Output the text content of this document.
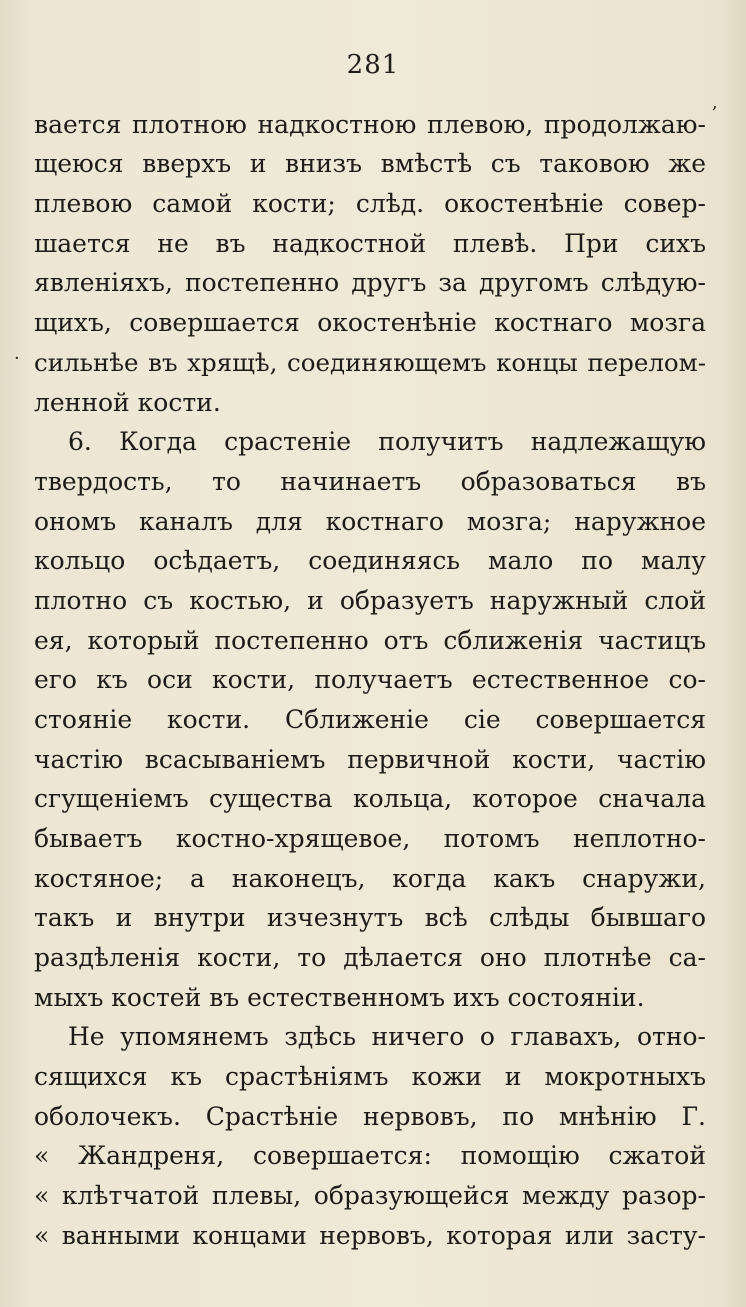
281
,
·
вается плотною надкостною плевою, продолжаю-
щеюся вверхъ и внизъ вмѣстѣ съ таковою же
плевою самой кости; слѣд. окостенѣніе совер-
шается не въ надкостной плевѣ. При сихъ
явленіяхъ, постепенно другъ за другомъ слѣдую-
щихъ, совершается окостенѣніе костнаго мозга
сильнѣе въ хрящѣ, соединяющемъ концы перелом-
ленной кости.
6. Когда срастеніе получитъ надлежащую
твердость, то начинаетъ образоваться въ
ономъ каналъ для костнаго мозга; наружное
кольцо осѣдаетъ, соединяясь мало по малу
плотно съ костью, и образуетъ наружный слой
ея, который постепенно отъ сближенія частицъ
его къ оси кости, получаетъ естественное со-
стояніе кости. Сближеніе сіе совершается
частію всасываніемъ первичной кости, частію
сгущеніемъ существа кольца, которое сначала
бываетъ костно-хрящевое, потомъ неплотно-
костяное; а наконецъ, когда какъ снаружи,
такъ и внутри изчезнутъ всѣ слѣды бывшаго
раздѣленія кости, то дѣлается оно плотнѣе са-
мыхъ костей въ естественномъ ихъ состояніи.
Не упомянемъ здѣсь ничего о главахъ, отно-
сящихся къ срастѣніямъ кожи и мокротныхъ
оболочекъ. Срастѣніе нервовъ, по мнѣнію Г.
« Жандреня, совершается: помощію сжатой
« клѣтчатой плевы, образующейся между разор-
« ванными концами нервовъ, которая или засту-
